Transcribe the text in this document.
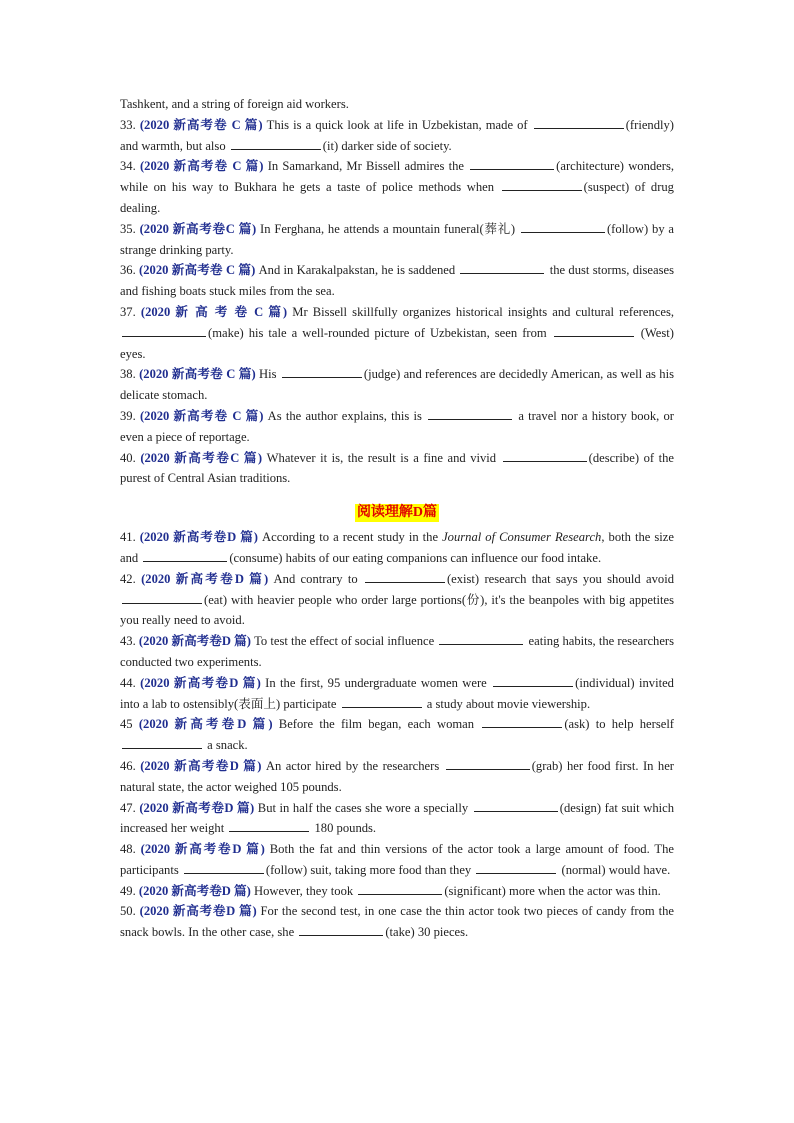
Tashkent, and a string of foreign aid workers.

33. (2020 新高考卷 C 篇) This is a quick look at life in Uzbekistan, made of	(friendly) and warmth, but also	(it) darker side of society.

34. (2020 新高考卷 C 篇) In Samarkand, Mr Bissell admires the	(architecture) wonders, while on his way to Bukhara he gets a taste of police methods when	(suspect) of drug dealing.

35. (2020 新高考卷C 篇) In Ferghana, he attends a mountain funeral(葬礼)	(follow) by a strange drinking party.

36. (2020 新高考卷 C 篇) And in Karakalpakstan, he is saddened	the dust storms, diseases and fishing boats stuck miles from the sea.

37. (2020 新 高 考 卷 C 篇) Mr Bissell skillfully organizes historical insights and cultural references, (make) his tale a well-rounded picture of Uzbekistan, seen from	(West) eyes.

38. (2020 新高考卷 C 篇) His	(judge) and references are decidedly American, as well as his delicate stomach.

39. (2020 新高考卷 C 篇) As the author explains, this is	a travel nor a history book, or even a piece of reportage.

40. (2020 新高考卷C 篇) Whatever it is, the result is a fine and vivid	(describe) of the purest of Central Asian traditions.

阅读理解D篇

41. (2020 新高考卷D 篇) According to a recent study in the Journal of Consumer Research, both the size and	(consume) habits of our eating companions can influence our food intake.

42. (2020 新高考卷D 篇) And contrary to	(exist) research that says you should avoid (eat) with heavier people who order large portions(份), it's the beanpoles with big appetites you really need to avoid.

43. (2020 新高考卷D 篇) To test the effect of social influence	eating habits, the researchers conducted two experiments.

44. (2020 新高考卷D 篇) In the first, 95 undergraduate women were	(individual) invited into a lab to ostensibly(表面上) participate	a study about movie viewership.

45 (2020 新高考卷D 篇) Before the film began, each woman	(ask) to help herself  a snack.

46. (2020 新高考卷D 篇) An actor hired by the researchers	(grab) her food first. In her natural state, the actor weighed 105 pounds.

47. (2020 新高考卷D 篇) But in half the cases she wore a specially	(design) fat suit which increased her weight	180 pounds.

48. (2020 新高考卷D 篇) Both the fat and thin versions of the actor took a large amount of food. The participants	(follow) suit, taking more food than they	(normal) would have.

49. (2020 新高考卷D 篇) However, they took	(significant) more when the actor was thin.

50. (2020 新高考卷D 篇) For the second test, in one case the thin actor took two pieces of candy from the snack bowls. In the other case, she	(take) 30 pieces.
